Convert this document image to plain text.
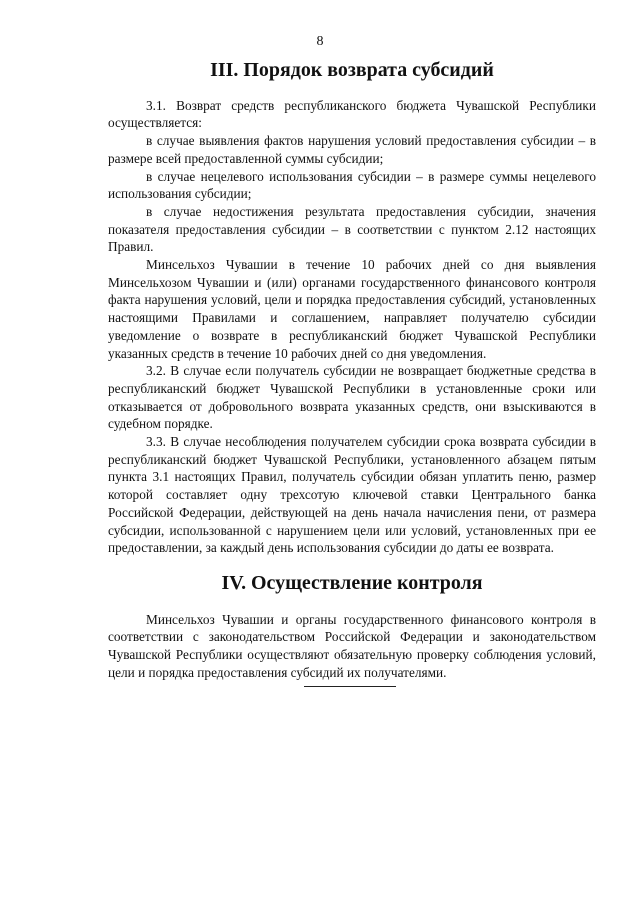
8
III. Порядок возврата субсидий

3.1. Возврат средств республиканского бюджета Чувашской Республики осуществляется:

в случае выявления фактов нарушения условий предоставления субсидии – в размере всей предоставленной суммы субсидии;

в случае нецелевого использования субсидии – в размере суммы нецелевого использования субсидии;

в случае недостижения результата предоставления субсидии, значения показателя предоставления субсидии – в соответствии с пунктом 2.12 настоящих Правил.

Минсельхоз Чувашии в течение 10 рабочих дней со дня выявления Минсельхозом Чувашии и (или) органами государственного финансового контроля факта нарушения условий, цели и порядка предоставления субсидий, установленных настоящими Правилами и соглашением, направляет получателю субсидии уведомление о возврате в республиканский бюджет Чувашской Республики указанных средств в течение 10 рабочих дней со дня уведомления.

3.2. В случае если получатель субсидии не возвращает бюджетные средства в республиканский бюджет Чувашской Республики в установленные сроки или отказывается от добровольного возврата указанных средств, они взыскиваются в судебном порядке.

3.3. В случае несоблюдения получателем субсидии срока возврата субсидии в республиканский бюджет Чувашской Республики, установленного абзацем пятым пункта 3.1 настоящих Правил, получатель субсидии обязан уплатить пеню, размер которой составляет одну трехсотую ключевой ставки Центрального банка Российской Федерации, действующей на день начала начисления пени, от размера субсидии, использованной с нарушением цели или условий, установленных при ее предоставлении, за каждый день использования субсидии до даты ее возврата.

IV. Осуществление контроля

Минсельхоз Чувашии и органы государственного финансового контроля в соответствии с законодательством Российской Федерации и законодательством Чувашской Республики осуществляют обязательную проверку соблюдения условий, цели и порядка предоставления субсидий их получателями.
